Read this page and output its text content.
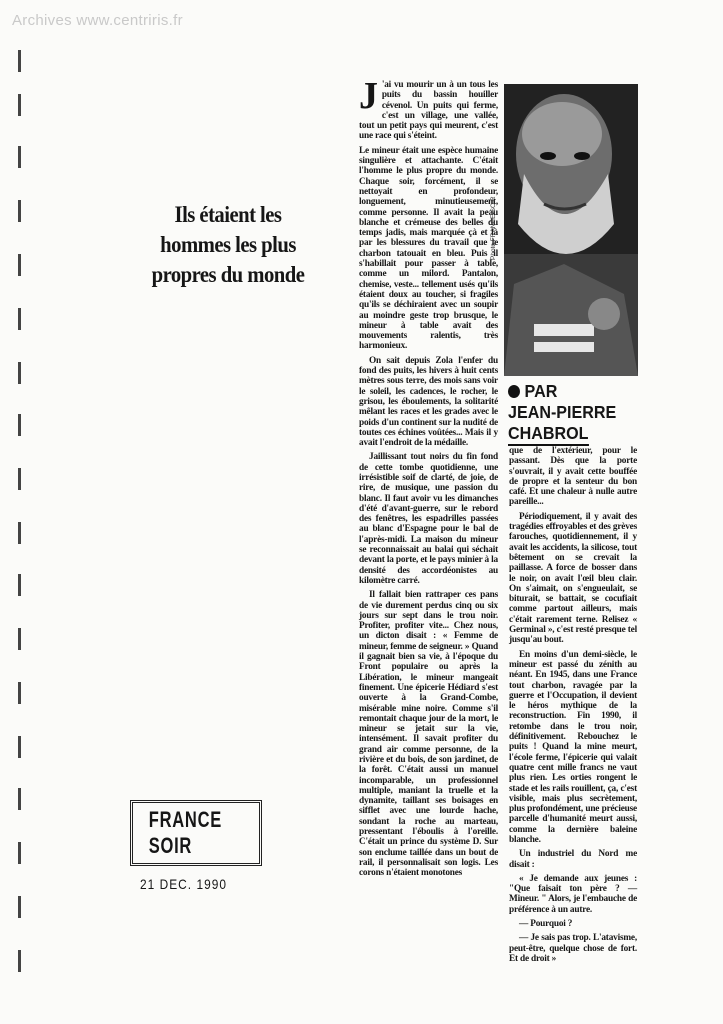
Archives www.centriris.fr
Ils étaient les
hommes les plus
propres du monde
FRANCE SOIR
21 DEC. 1990

J 'ai vu mourir un à un tous les puits du bassin houiller cévenol. Un puits qui ferme, c'est un village, une vallée, tout un petit pays qui meurent, c'est une race qui s'éteint.

Le mineur était une espèce humaine singulière et attachante. C'était l'homme le plus propre du monde. Chaque soir, forcément, il se nettoyait en profondeur, longuement, minutieusement, comme personne. Il avait la peau blanche et crémeuse des belles du temps jadis, mais marquée çà et là par les blessures du travail que le charbon tatouait en bleu. Puis il s'habillait pour passer à table, comme un milord. Pantalon, chemise, veste... tellement usés qu'ils étaient doux au toucher, si fragiles qu'ils se déchiraient avec un soupir au moindre geste trop brusque, le mineur à table avait des mouvements ralentis, très harmonieux.

On sait depuis Zola l'enfer du fond des puits, les hivers à huit cents mètres sous terre, des mois sans voir le soleil, les cadences, le rocher, le grisou, les éboulements, la solitarité mêlant les races et les grades avec le poids d'un continent sur la nudité de toutes ces échines voûtées... Mais il y avait l'endroit de la médaille.

Jaillissant tout noirs du fin fond de cette tombe quotidienne, une irrésistible soif de clarté, de joie, de rire, de musique, une passion du blanc. Il faut avoir vu les dimanches d'été d'avant-guerre, sur le rebord des fenêtres, les espadrilles passées au blanc d'Espagne pour le bal de l'après-midi. La maison du mineur se reconnaissait au balai qui séchait devant la porte, et le pays minier à la densité des accordéonistes au kilomètre carré.

Il fallait bien rattraper ces pans de vie durement perdus cinq ou six jours sur sept dans le trou noir. Profiter, profiter vite... Chez nous, un dicton disait : « Femme de mineur, femme de seigneur. » Quand il gagnait bien sa vie, à l'époque du Front populaire ou après la Libération, le mineur mangeait finement. Une épicerie Hédiard s'est ouverte à la Grand-Combe, misérable mine noire. Comme s'il remontait chaque jour de la mort, le mineur se jetait sur la vie, intensément. Il savait profiter du grand air comme personne, de la rivière et du bois, de son jardinet, de la forêt. C'était aussi un manuel incomparable, un professionnel multiple, maniant la truelle et la dynamite, taillant ses boisages en sifflet avec une lourde hache, sondant la roche au marteau, pressentant l'éboulis à l'oreille. C'était un prince du système D. Sur son enclume taillée dans un bout de rail, il personnalisait son logis. Les corons n'étaient monotones

Photo FRANCE-SOIR
PAR
JEAN-PIERRE
CHABROL

que de l'extérieur, pour le passant. Dès que la porte s'ouvrait, il y avait cette bouffée de propre et la senteur du bon café. Et une chaleur à nulle autre pareille...

Périodiquement, il y avait des tragédies effroyables et des grèves farouches, quotidiennement, il y avait les accidents, la silicose, tout bêtement on se crevait la paillasse. A force de bosser dans le noir, on avait l'œil bleu clair. On s'aimait, on s'engueulait, se biturait, se battait, se cocufiait comme partout ailleurs, mais c'était rarement terne. Relisez « Germinal », c'est resté presque tel jusqu'au bout.

En moins d'un demi-siècle, le mineur est passé du zénith au néant. En 1945, dans une France tout charbon, ravagée par la guerre et l'Occupation, il devient le héros mythique de la reconstruction. Fin 1990, il retombe dans le trou noir, définitivement. Rebouchez le puits ! Quand la mine meurt, l'école ferme, l'épicerie qui valait quatre cent mille francs ne vaut plus rien. Les orties rongent le stade et les rails rouillent, ça, c'est visible, mais plus secrètement, plus profondément, une précieuse parcelle d'humanité meurt aussi, comme la dernière baleine blanche.

Un industriel du Nord me disait :

« Je demande aux jeunes : "Que faisait ton père ? — Mineur. " Alors, je l'embauche de préférence à un autre.

— Pourquoi ?

— Je sais pas trop. L'atavisme, peut-être, quelque chose de fort. Et de droit »
